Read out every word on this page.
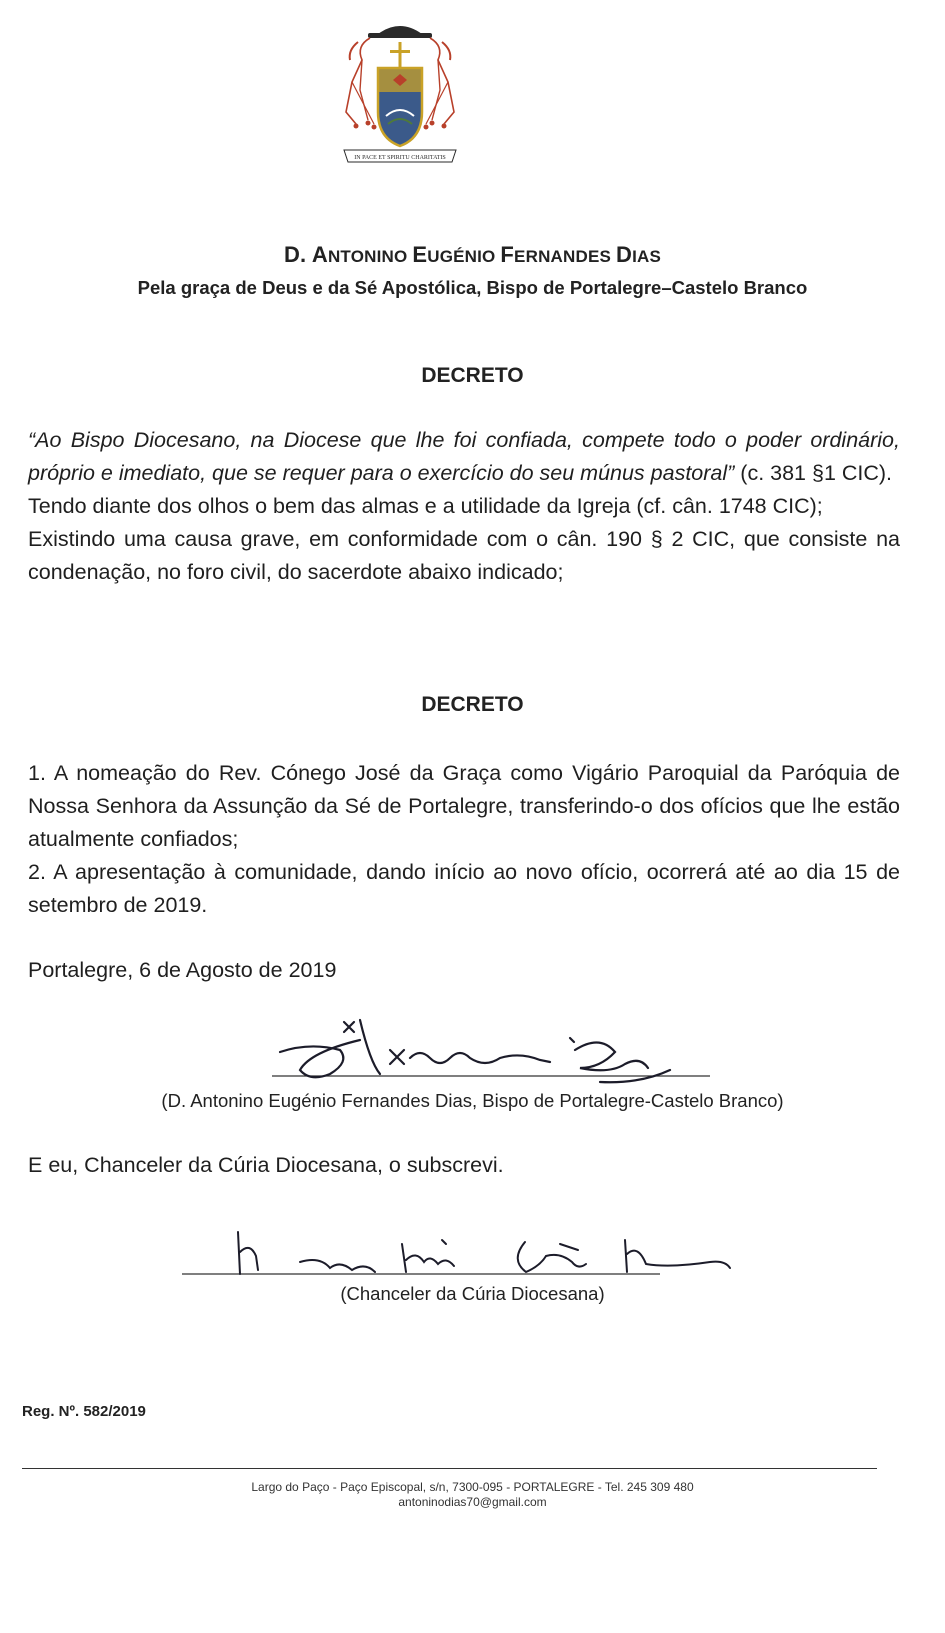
IN PACE ET SPIRITU CHARITATIS
D. ANTONINO EUGÉNIO FERNANDES DIAS
Pela graça de Deus e da Sé Apostólica, Bispo de Portalegre–Castelo Branco
DECRETO

“Ao Bispo Diocesano, na Diocese que lhe foi confiada, compete todo o poder ordinário, próprio e imediato, que se requer para o exercício do seu múnus pastoral” (c. 381 §1 CIC).

Tendo diante dos olhos o bem das almas e a utilidade da Igreja (cf. cân. 1748 CIC);

Existindo uma causa grave, em conformidade com o cân. 190 § 2 CIC, que consiste na condenação, no foro civil, do sacerdote abaixo indicado;

DECRETO

1. A nomeação do Rev. Cónego José da Graça como Vigário Paroquial da Paróquia de Nossa Senhora da Assunção da Sé de Portalegre, transferindo-o dos ofícios que lhe estão atualmente confiados;

2. A apresentação à comunidade, dando início ao novo ofício, ocorrerá até ao dia 15 de setembro de 2019.

Portalegre, 6 de Agosto de 2019
(D. Antonino Eugénio Fernandes Dias, Bispo de Portalegre-Castelo Branco)
E eu, Chanceler da Cúria Diocesana, o subscrevi.
(Chanceler da Cúria Diocesana)
Reg. Nº. 582/2019
Largo do Paço - Paço Episcopal, s/n, 7300-095 - PORTALEGRE - Tel. 245 309 480
antoninodias70@gmail.com
